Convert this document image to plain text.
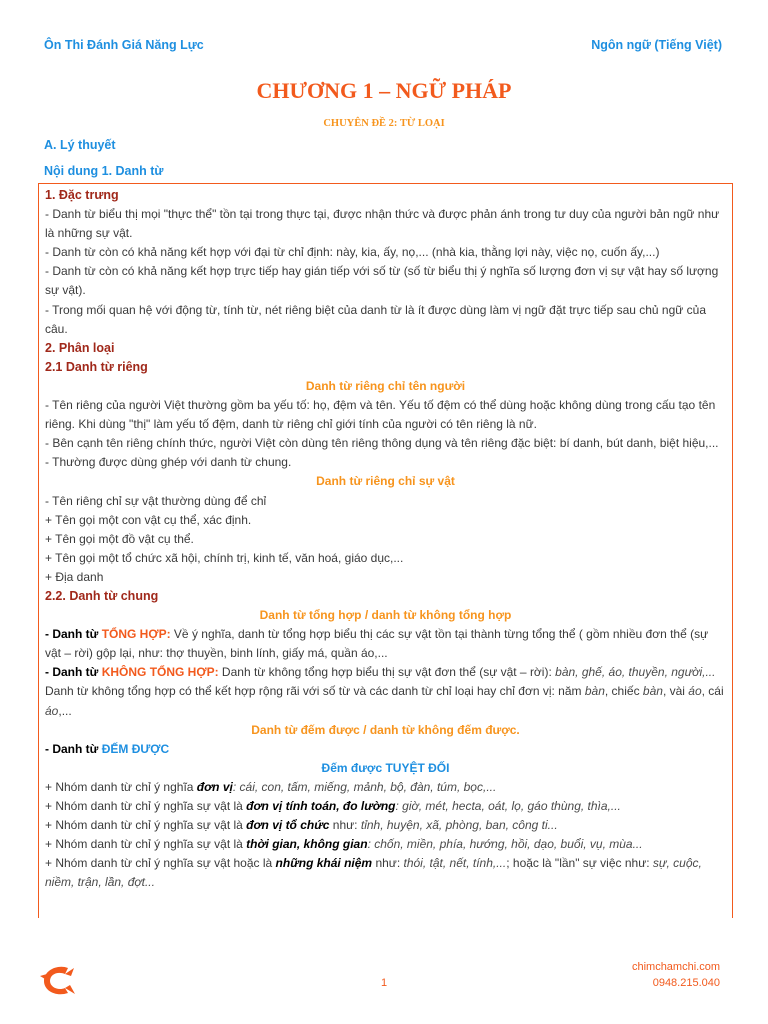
Ôn Thi Đánh Giá Năng Lực	Ngôn ngữ (Tiếng Việt)
CHƯƠNG 1 – NGỮ PHÁP
CHUYÊN ĐỀ 2: TỪ LOẠI
A. Lý thuyết
Nội dung 1. Danh từ

1. Đặc trưng

- Danh từ biểu thị mọi "thực thể" tồn tại trong thực tại, được nhận thức và được phản ánh trong tư duy của người bản ngữ như là những sự vật.

- Danh từ còn có khả năng kết hợp với đại từ chỉ định: này, kia, ấy, nọ,... (nhà kia, thằng lợi này, việc nọ, cuốn ấy,...)

- Danh từ còn có khả năng kết hợp trực tiếp hay gián tiếp với số từ (số từ biểu thị ý nghĩa số lượng đơn vị sự vật hay số lượng sự vật).

- Trong mối quan hệ với động từ, tính từ, nét riêng biệt của danh từ là ít được dùng làm vị ngữ đặt trực tiếp sau chủ ngữ của câu.

2. Phân loại

2.1 Danh từ riêng

Danh từ riêng chỉ tên người

- Tên riêng của người Việt thường gồm ba yếu tố: họ, đệm và tên. Yếu tố đệm có thể dùng hoặc không dùng trong cấu tạo tên riêng. Khi dùng "thị" làm yếu tố đệm, danh từ riêng chỉ giới tính của người có tên riêng là nữ.

- Bên cạnh tên riêng chính thức, người Việt còn dùng tên riêng thông dụng và tên riêng đặc biệt: bí danh, bút danh, biệt hiệu,...

- Thường được dùng ghép với danh từ chung.

Danh từ riêng chỉ sự vật

- Tên riêng chỉ sự vật thường dùng để chỉ

+ Tên gọi một con vật cụ thể, xác định.

+ Tên gọi một đồ vật cụ thể.

+ Tên gọi một tổ chức xã hội, chính trị, kinh tế, văn hoá, giáo dục,...

+ Địa danh

2.2. Danh từ chung

Danh từ tổng hợp / danh từ không tổng hợp

- Danh từ TỔNG HỢP: Về ý nghĩa, danh từ tổng hợp biểu thị các sự vật tồn tại thành từng tổng thể ( gồm nhiều đơn thể (sự vật – rời) gộp lại, như: thợ thuyền, binh lính, giấy má, quần áo,...

- Danh từ KHÔNG TỔNG HỢP: Danh từ không tổng hợp biểu thị sự vật đơn thể (sự vật – rời): bàn, ghế, áo, thuyền, người,... Danh từ không tổng hợp có thể kết hợp rộng rãi với số từ và các danh từ chỉ loại hay chỉ đơn vị: năm bàn, chiếc bàn, vài áo, cái áo,...

Danh từ đếm được / danh từ không đếm được.

- Danh từ ĐẾM ĐƯỢC

Đếm được TUYỆT ĐỐI

+ Nhóm danh từ chỉ ý nghĩa đơn vị: cái, con, tấm, miếng, mảnh, bộ, đàn, túm, bọc,...

+ Nhóm danh từ chỉ ý nghĩa sự vật là đơn vị tính toán, đo lường: giờ, mét, hecta, oát, lọ, gáo thùng, thìa,...

+ Nhóm danh từ chỉ ý nghĩa sự vật là đơn vị tổ chức như: tỉnh, huyện, xã, phòng, ban, công ti...

+ Nhóm danh từ chỉ ý nghĩa sự vật là thời gian, không gian: chốn, miền, phía, hướng, hồi, dạo, buổi, vụ, mùa...

+ Nhóm danh từ chỉ ý nghĩa sự vật hoặc là những khái niệm như: thói, tật, nết, tính,...; hoặc là "lần" sự việc như: sự, cuộc, niềm, trận, lần, đợt...

1
chimchamchi.com
0948.215.040
